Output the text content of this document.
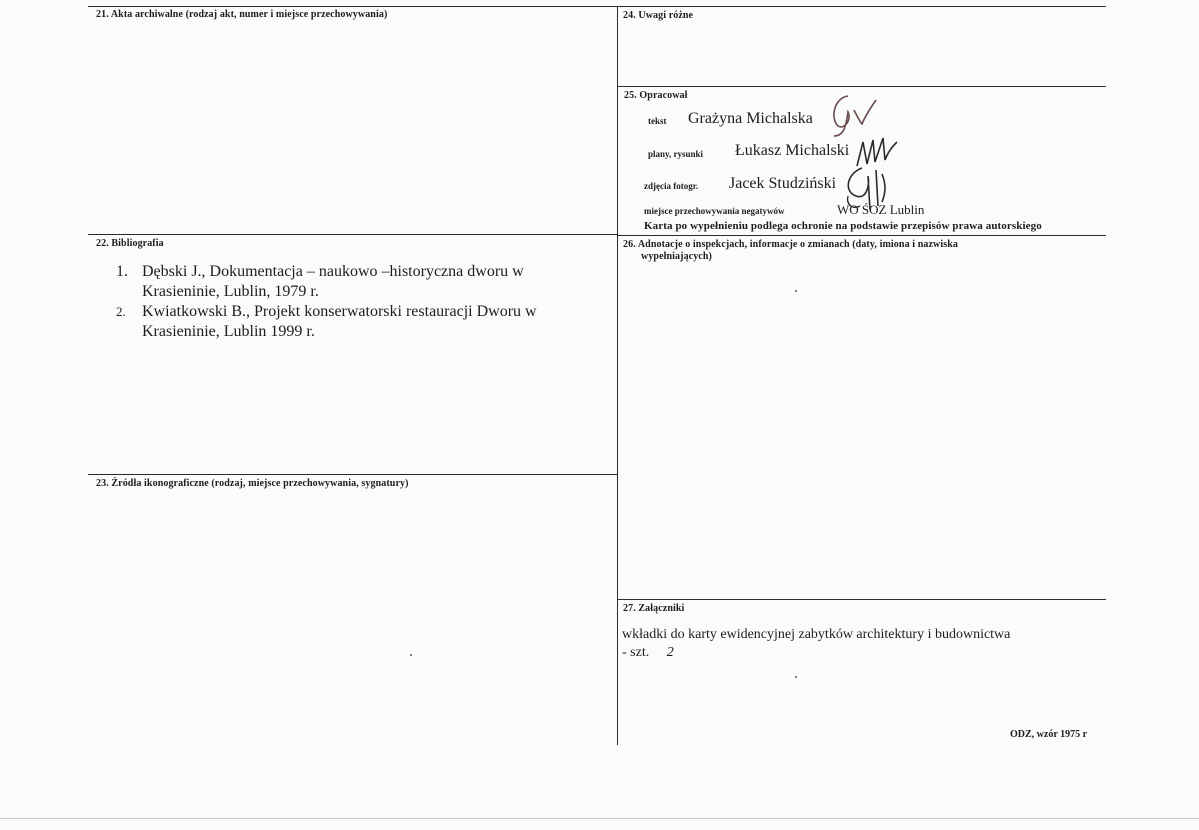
21. Akta archiwalne (rodzaj akt, numer i miejsce przechowywania)
22. Bibliografia
1. Dębski J., Dokumentacja – naukowo –historyczna dworu w Krasieninie, Lublin, 1979 r.
2. Kwiatkowski B., Projekt konserwatorski restauracji Dworu w Krasieninie, Lublin 1999 r.
23. Źródła ikonograficzne (rodzaj, miejsce przechowywania, sygnatury)
24. Uwagi różne
25. Opracował
tekst Grażyna Michalska
plany, rysunki Łukasz Michalski
zdjęcia fotogr. Jacek Studziński
miejsce przechowywania negatywów	WO ŚOZ Lublin
Karta po wypełnieniu podlega ochronie na podstawie przepisów prawa autorskiego
26. Adnotacje o inspekcjach, informacje o zmianach (daty, imiona i nazwiska
wypełniających)
27. Załączniki
wkładki do karty ewidencyjnej zabytków architektury i budownictwa
- szt. 2
ODZ, wzór 1975 r
